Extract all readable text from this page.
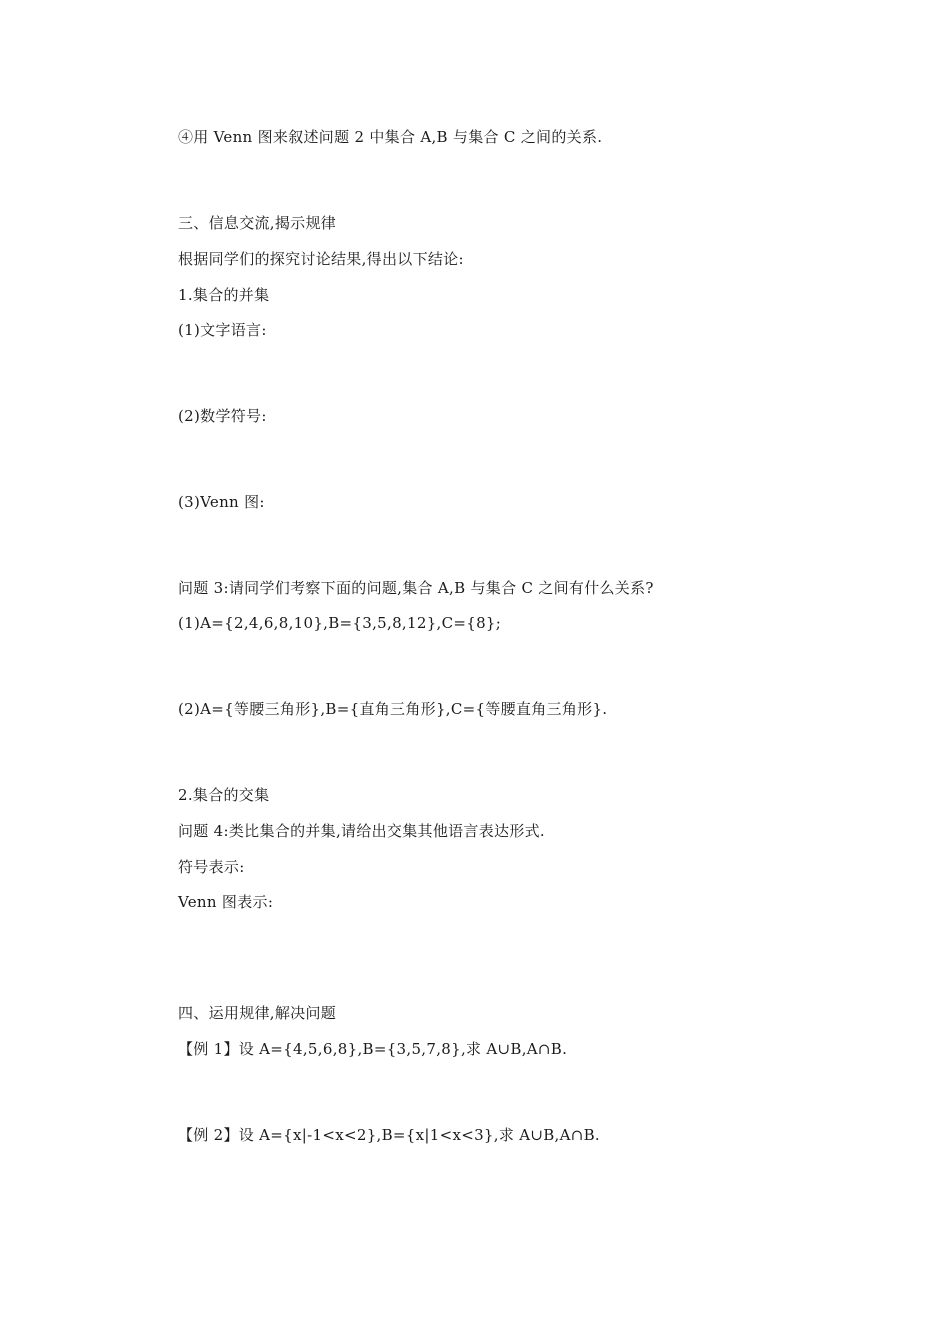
④用 Venn 图来叙述问题 2 中集合 A,B 与集合 C 之间的关系.
三、信息交流,揭示规律
根据同学们的探究讨论结果,得出以下结论:
1.集合的并集
(1)文字语言:
(2)数学符号:
(3)Venn 图:
问题 3:请同学们考察下面的问题,集合 A,B 与集合 C 之间有什么关系?
(1)A={2,4,6,8,10},B={3,5,8,12},C={8};
(2)A={等腰三角形},B={直角三角形},C={等腰直角三角形}.
2.集合的交集
问题 4:类比集合的并集,请给出交集其他语言表达形式.
符号表示:
Venn 图表示:
四、运用规律,解决问题
【例 1】设 A={4,5,6,8},B={3,5,7,8},求 A∪B,A∩B.
【例 2】设 A={x|-1<x<2},B={x|1<x<3},求 A∪B,A∩B.
